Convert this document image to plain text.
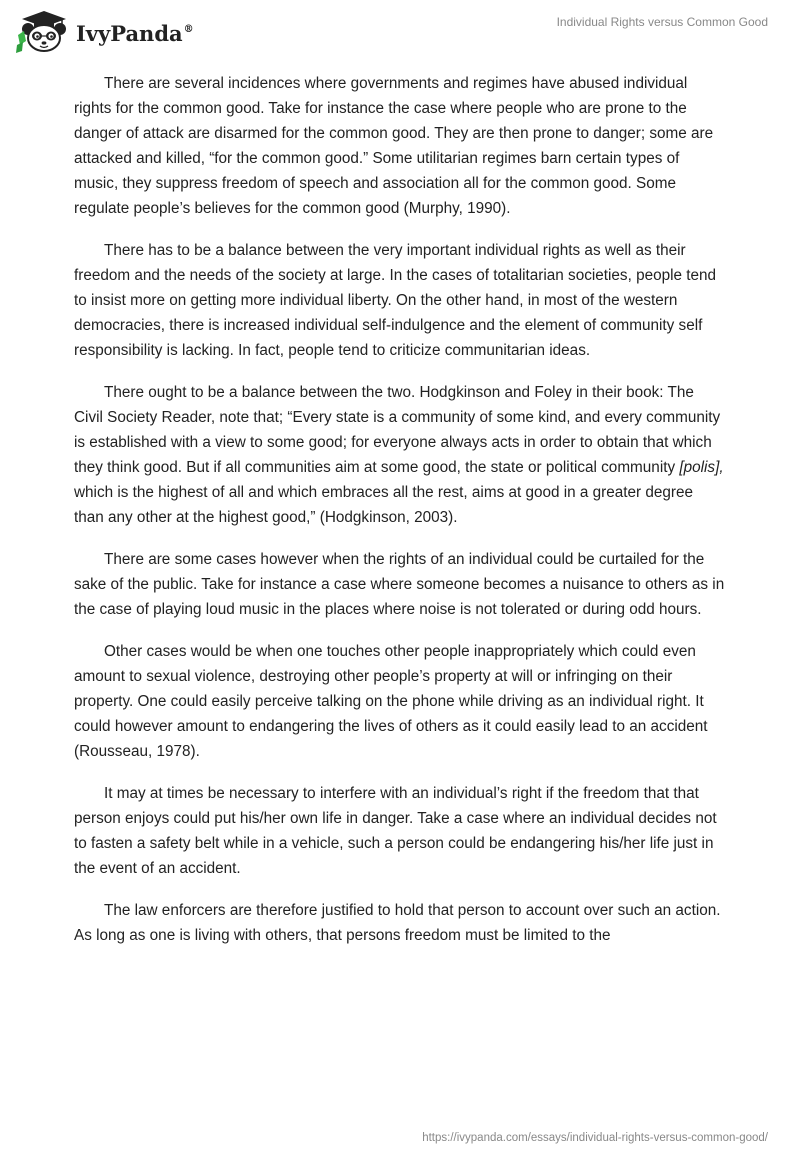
IvyPanda®
Individual Rights versus Common Good

There are several incidences where governments and regimes have abused individual rights for the common good. Take for instance the case where people who are prone to the danger of attack are disarmed for the common good. They are then prone to danger; some are attacked and killed, “for the common good.” Some utilitarian regimes barn certain types of music, they suppress freedom of speech and association all for the common good. Some regulate people’s believes for the common good (Murphy, 1990).

There has to be a balance between the very important individual rights as well as their freedom and the needs of the society at large. In the cases of totalitarian societies, people tend to insist more on getting more individual liberty. On the other hand, in most of the western democracies, there is increased individual self-indulgence and the element of community self responsibility is lacking. In fact, people tend to criticize communitarian ideas.

There ought to be a balance between the two. Hodgkinson and Foley in their book: The Civil Society Reader, note that; “Every state is a community of some kind, and every community is established with a view to some good; for everyone always acts in order to obtain that which they think good. But if all communities aim at some good, the state or political community [polis], which is the highest of all and which embraces all the rest, aims at good in a greater degree than any other at the highest good,” (Hodgkinson, 2003).

There are some cases however when the rights of an individual could be curtailed for the sake of the public. Take for instance a case where someone becomes a nuisance to others as in the case of playing loud music in the places where noise is not tolerated or during odd hours.

Other cases would be when one touches other people inappropriately which could even amount to sexual violence, destroying other people’s property at will or infringing on their property. One could easily perceive talking on the phone while driving as an individual right. It could however amount to endangering the lives of others as it could easily lead to an accident (Rousseau, 1978).

It may at times be necessary to interfere with an individual’s right if the freedom that that person enjoys could put his/her own life in danger. Take a case where an individual decides not to fasten a safety belt while in a vehicle, such a person could be endangering his/her life just in the event of an accident.

The law enforcers are therefore justified to hold that person to account over such an action. As long as one is living with others, that persons freedom must be limited to the

https://ivypanda.com/essays/individual-rights-versus-common-good/
